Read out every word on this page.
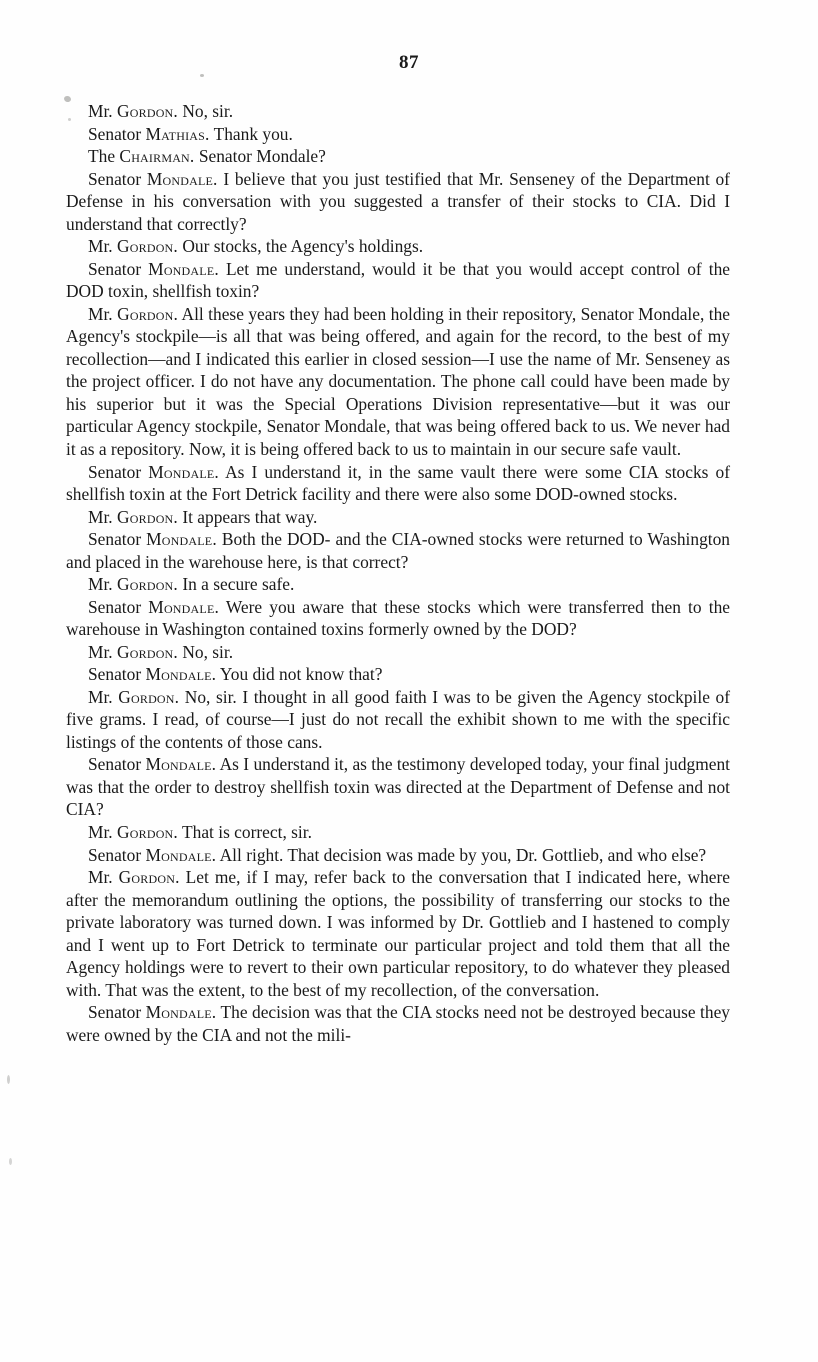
87

Mr. Gordon. No, sir.

Senator Mathias. Thank you.

The Chairman. Senator Mondale?

Senator Mondale. I believe that you just testified that Mr. Senseney of the Department of Defense in his conversation with you suggested a transfer of their stocks to CIA. Did I understand that correctly?

Mr. Gordon. Our stocks, the Agency's holdings.

Senator Mondale. Let me understand, would it be that you would accept control of the DOD toxin, shellfish toxin?

Mr. Gordon. All these years they had been holding in their repository, Senator Mondale, the Agency's stockpile—is all that was being offered, and again for the record, to the best of my recollection—and I indicated this earlier in closed session—I use the name of Mr. Senseney as the project officer. I do not have any documentation. The phone call could have been made by his superior but it was the Special Operations Division representative—but it was our particular Agency stockpile, Senator Mondale, that was being offered back to us. We never had it as a repository. Now, it is being offered back to us to maintain in our secure safe vault.

Senator Mondale. As I understand it, in the same vault there were some CIA stocks of shellfish toxin at the Fort Detrick facility and there were also some DOD-owned stocks.

Mr. Gordon. It appears that way.

Senator Mondale. Both the DOD- and the CIA-owned stocks were returned to Washington and placed in the warehouse here, is that correct?

Mr. Gordon. In a secure safe.

Senator Mondale. Were you aware that these stocks which were transferred then to the warehouse in Washington contained toxins formerly owned by the DOD?

Mr. Gordon. No, sir.

Senator Mondale. You did not know that?

Mr. Gordon. No, sir. I thought in all good faith I was to be given the Agency stockpile of five grams. I read, of course—I just do not recall the exhibit shown to me with the specific listings of the contents of those cans.

Senator Mondale. As I understand it, as the testimony developed today, your final judgment was that the order to destroy shellfish toxin was directed at the Department of Defense and not CIA?

Mr. Gordon. That is correct, sir.

Senator Mondale. All right. That decision was made by you, Dr. Gottlieb, and who else?

Mr. Gordon. Let me, if I may, refer back to the conversation that I indicated here, where after the memorandum outlining the options, the possibility of transferring our stocks to the private laboratory was turned down. I was informed by Dr. Gottlieb and I hastened to comply and I went up to Fort Detrick to terminate our particular project and told them that all the Agency holdings were to revert to their own particular repository, to do whatever they pleased with. That was the extent, to the best of my recollection, of the conversation.

Senator Mondale. The decision was that the CIA stocks need not be destroyed because they were owned by the CIA and not the mili-
